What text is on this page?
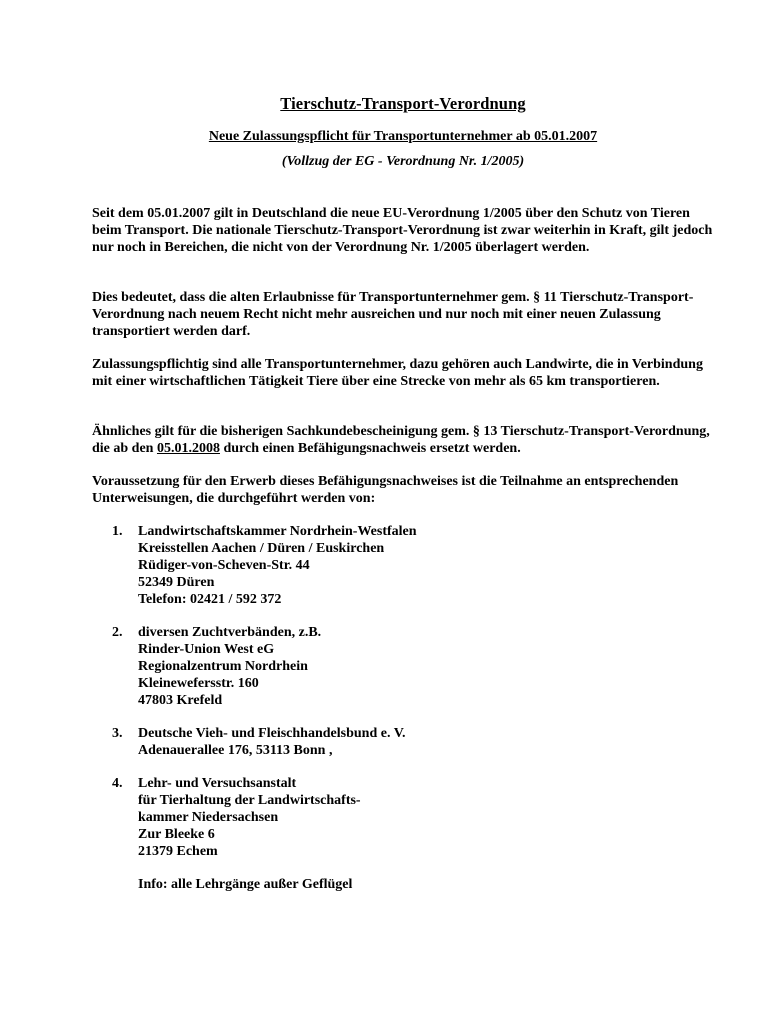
Tierschutz-Transport-Verordnung
Neue Zulassungspflicht für Transportunternehmer ab 05.01.2007
(Vollzug der EG - Verordnung Nr. 1/2005)

Seit dem 05.01.2007 gilt in Deutschland die neue EU-Verordnung 1/2005 über den Schutz von Tieren beim Transport. Die nationale Tierschutz-Transport-Verordnung ist zwar weiterhin in Kraft, gilt jedoch nur noch in Bereichen, die nicht von der Verordnung Nr. 1/2005 überlagert werden.

Dies bedeutet, dass die alten Erlaubnisse für Transportunternehmer gem. § 11 Tierschutz-Transport-Verordnung nach neuem Recht nicht mehr ausreichen und nur noch mit einer neuen Zulassung transportiert werden darf.

Zulassungspflichtig sind alle Transportunternehmer, dazu gehören auch Landwirte, die in Verbindung mit einer wirtschaftlichen Tätigkeit Tiere über eine Strecke von mehr als 65 km transportieren.

Ähnliches gilt für die bisherigen Sachkundebescheinigung gem. § 13 Tierschutz-Transport-Verordnung, die ab den 05.01.2008 durch einen Befähigungsnachweis ersetzt werden.

Voraussetzung für den Erwerb dieses Befähigungsnachweises ist die Teilnahme an entsprechenden Unterweisungen, die durchgeführt werden von:

1.	Landwirtschaftskammer Nordrhein-Westfalen
Kreisstellen Aachen / Düren / Euskirchen
Rüdiger-von-Scheven-Str. 44
52349 Düren
Telefon: 02421 / 592 372
2.	diversen Zuchtverbänden, z.B.
Rinder-Union West eG
Regionalzentrum Nordrhein
Kleinewefersstr. 160
47803 Krefeld
3.	Deutsche Vieh- und Fleischhandelsbund e. V.
Adenauerallee 176, 53113 Bonn ,
4.	Lehr- und Versuchsanstalt
für Tierhaltung der Landwirtschafts-
kammer Niedersachsen
Zur Bleeke 6
21379 Echem
Info: alle Lehrgänge außer Geflügel
